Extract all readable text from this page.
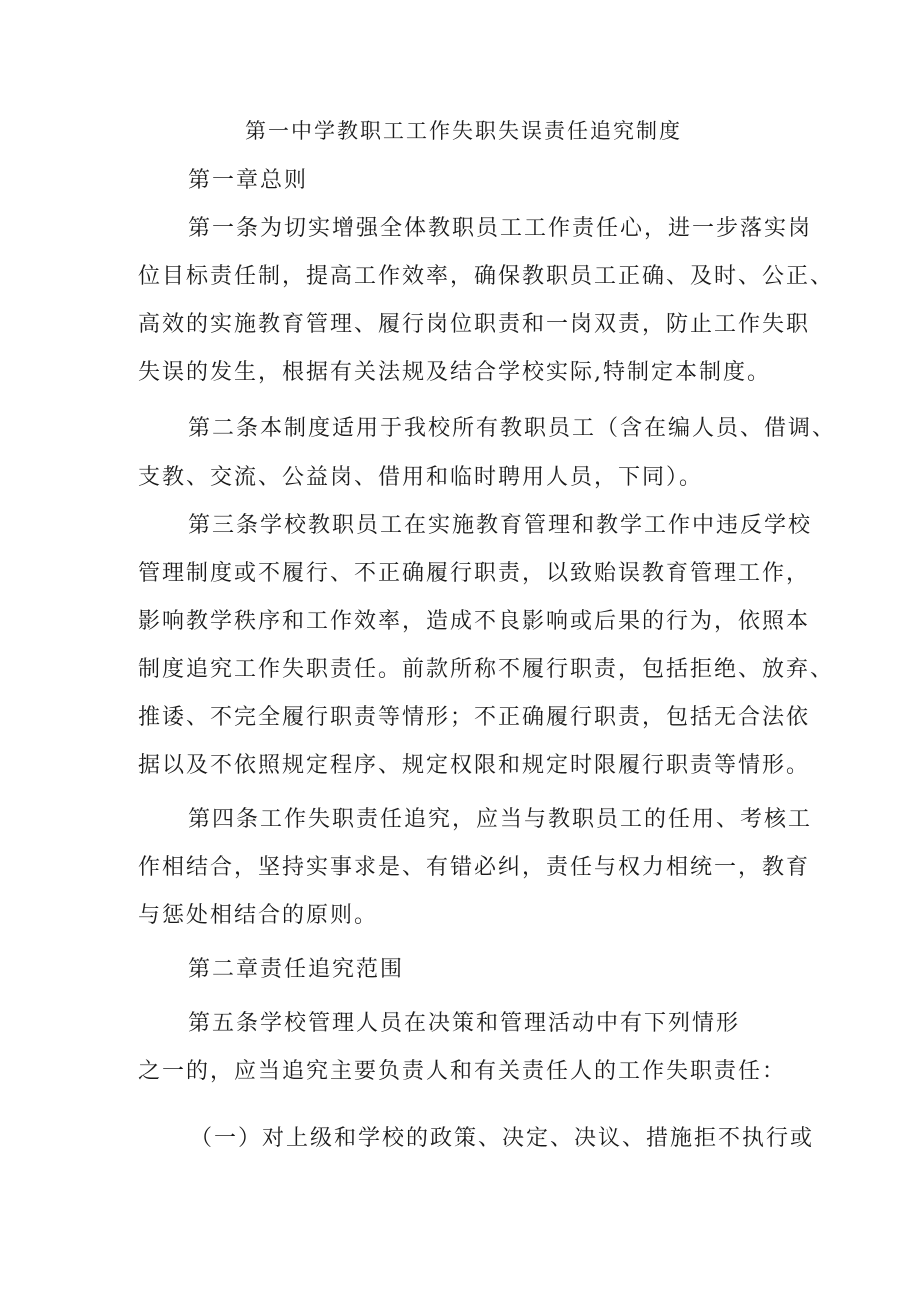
第一中学教职工工作失职失误责任追究制度
第一章总则
第一条为切实增强全体教职员工工作责任心，进一步落实岗
位目标责任制，提高工作效率，确保教职员工正确、及时、公正、
高效的实施教育管理、履行岗位职责和一岗双责，防止工作失职
失误的发生，根据有关法规及结合学校实际,特制定本制度。
第二条本制度适用于我校所有教职员工（含在编人员、借调、
支教、交流、公益岗、借用和临时聘用人员，下同）。
第三条学校教职员工在实施教育管理和教学工作中违反学校
管理制度或不履行、不正确履行职责，以致贻误教育管理工作，
影响教学秩序和工作效率，造成不良影响或后果的行为，依照本
制度追究工作失职责任。前款所称不履行职责，包括拒绝、放弃、
推诿、不完全履行职责等情形；不正确履行职责，包括无合法依
据以及不依照规定程序、规定权限和规定时限履行职责等情形。
第四条工作失职责任追究，应当与教职员工的任用、考核工
作相结合，坚持实事求是、有错必纠，责任与权力相统一，教育
与惩处相结合的原则。
第二章责任追究范围
第五条学校管理人员在决策和管理活动中有下列情形
之一的，应当追究主要负责人和有关责任人的工作失职责任：
（一）对上级和学校的政策、决定、决议、措施拒不执行或
